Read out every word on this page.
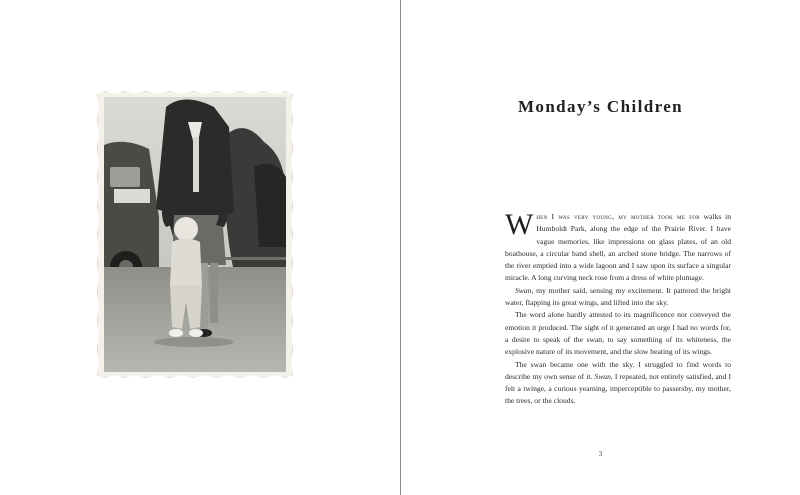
Monday’s Children

When I was very young, my mother took me for walks in Humboldt Park, along the edge of the Prairie River. I have vague memories, like impressions on glass plates, of an old boathouse, a circular band shell, an arched stone bridge. The narrows of the river emptied into a wide lagoon and I saw upon its surface a singular miracle. A long curving neck rose from a dress of white plumage.

Swan, my mother said, sensing my excitement. It pattered the bright water, flapping its great wings, and lifted into the sky.

The word alone hardly attested to its magnificence nor conveyed the emotion it produced. The sight of it generated an urge I had no words for, a desire to speak of the swan, to say something of its whiteness, the explosive nature of its movement, and the slow beating of its wings.

The swan became one with the sky. I struggled to find words to describe my own sense of it. Swan, I repeated, not entirely satisfied, and I felt a twinge, a curious yearning, imperceptible to passersby, my mother, the trees, or the clouds.

3
